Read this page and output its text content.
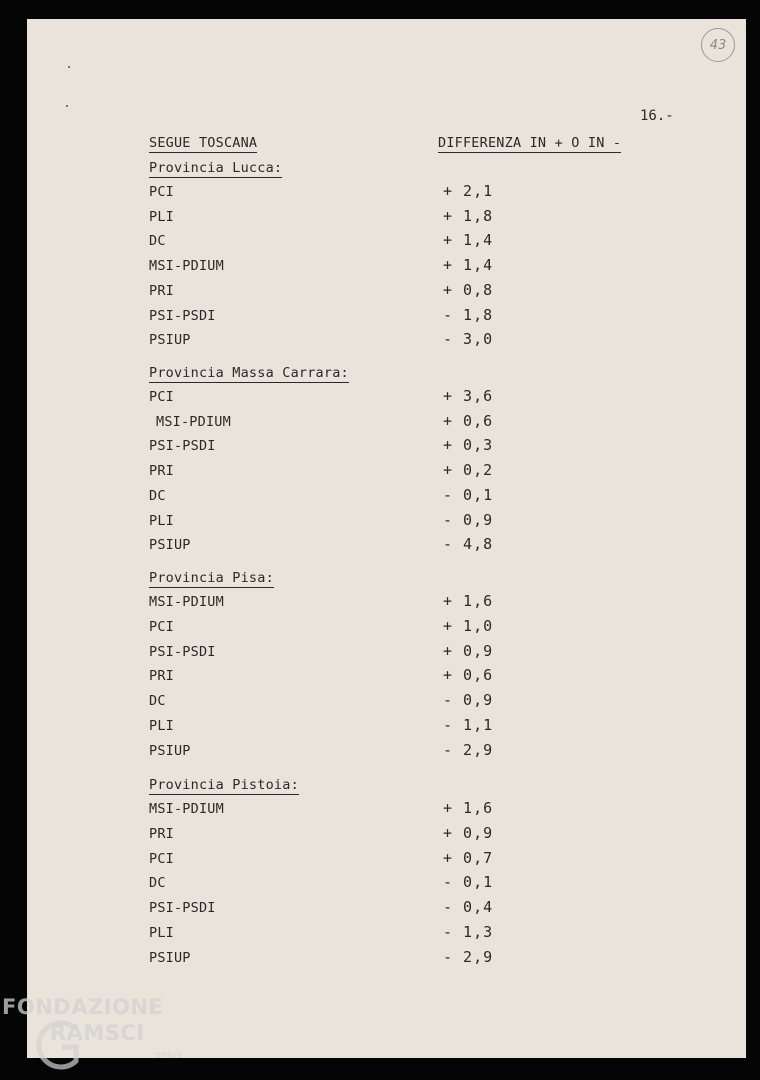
43
16.-
SEGUE TOSCANA	DIFFERENZA IN + O IN -
Provincia Lucca:
PCI	+ 2,1
PLI	+ 1,8
DC	+ 1,4
MSI-PDIUM	+ 1,4
PRI	+ 0,8
PSI-PSDI	- 1,8
PSIUP	- 3,0
Provincia Massa Carrara:
PCI	+ 3,6
MSI-PDIUM	+ 0,6
PSI-PSDI	+ 0,3
PRI	+ 0,2
DC	- 0,1
PLI	- 0,9
PSIUP	- 4,8
Provincia Pisa:
MSI-PDIUM	+ 1,6
PCI	+ 1,0
PSI-PSDI	+ 0,9
PRI	+ 0,6
DC	- 0,9
PLI	- 1,1
PSIUP	- 2,9
Provincia Pistoia:
MSI-PDIUM	+ 1,6
PRI	+ 0,9
PCI	+ 0,7
DC	- 0,1
PSI-PSDI	- 0,4
PLI	- 1,3
PSIUP	- 2,9
FONDAZIONE
RAMSCI
onlus
